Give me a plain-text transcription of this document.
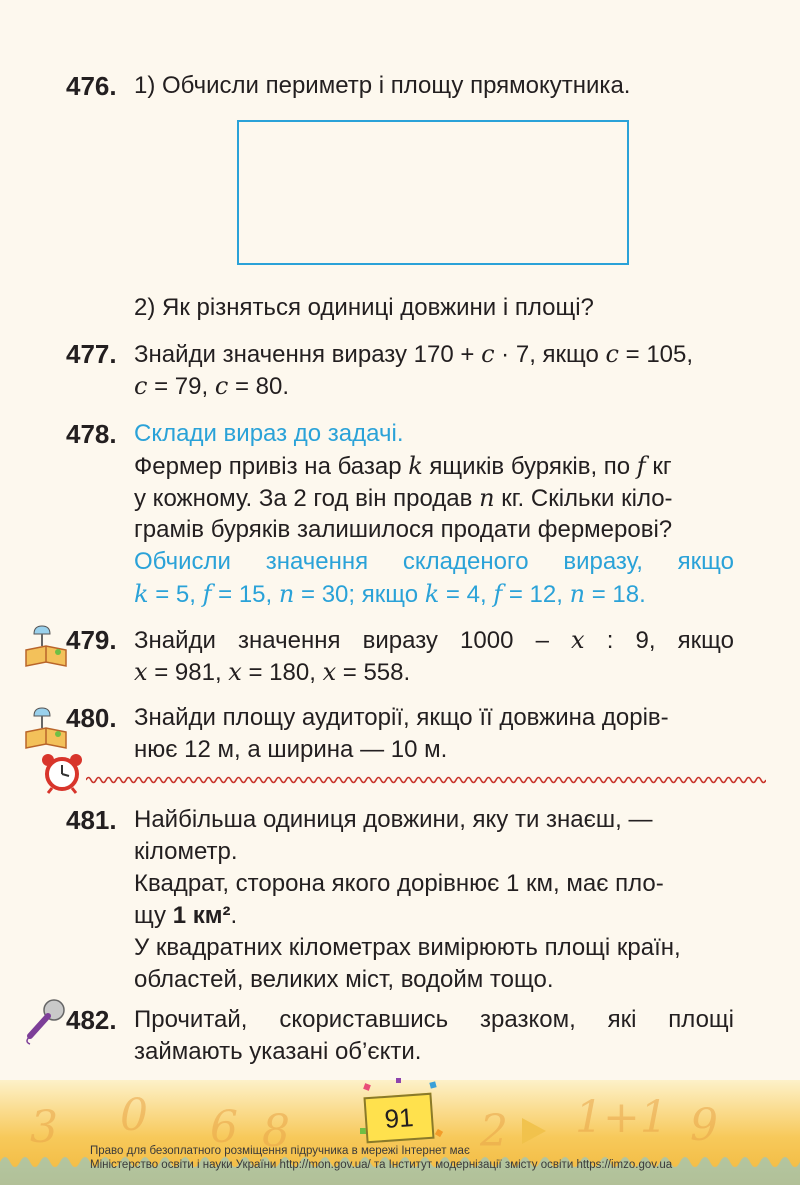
476. 1) Обчисли периметр і площу прямокутника.
2) Як різняться одиниці довжини і площі?
477. Знайди значення виразу 170 + c · 7, якщо c = 105,
c = 79, c = 80.
478. Склади вираз до задачі.
Фермер привіз на базар k ящиків буряків, по f кг
у кожному. За 2 год він продав n кг. Скільки кіло-
грамів буряків залишилося продати фермерові?
Обчисли значення складеного виразу, якщо
k = 5, f = 15, n = 30; якщо k = 4, f = 12, n = 18.
479. Знайди значення виразу 1000 – x : 9, якщо
x = 981, x = 180, x = 558.
480. Знайди площу аудиторії, якщо її довжина дорів-
нює 12 м, а ширина — 10 м.
481. Найбільша одиниця довжини, яку ти знаєш, —
кілометр.
Квадрат, сторона якого дорівнює 1 км, має пло-
щу 1 км².
У квадратних кілометрах вимірюють площі країн,
областей, великих міст, водойм тощо.
482. Прочитай, скориставшись зразком, які площі
займають указані об’єкти.
3 0 6 8	2 1+1 9
91
Право для безоплатного розміщення підручника в мережі Інтернет має
Міністерство освіти і науки України http://mon.gov.ua/ та Інститут модернізації змісту освіти https://imzo.gov.ua
